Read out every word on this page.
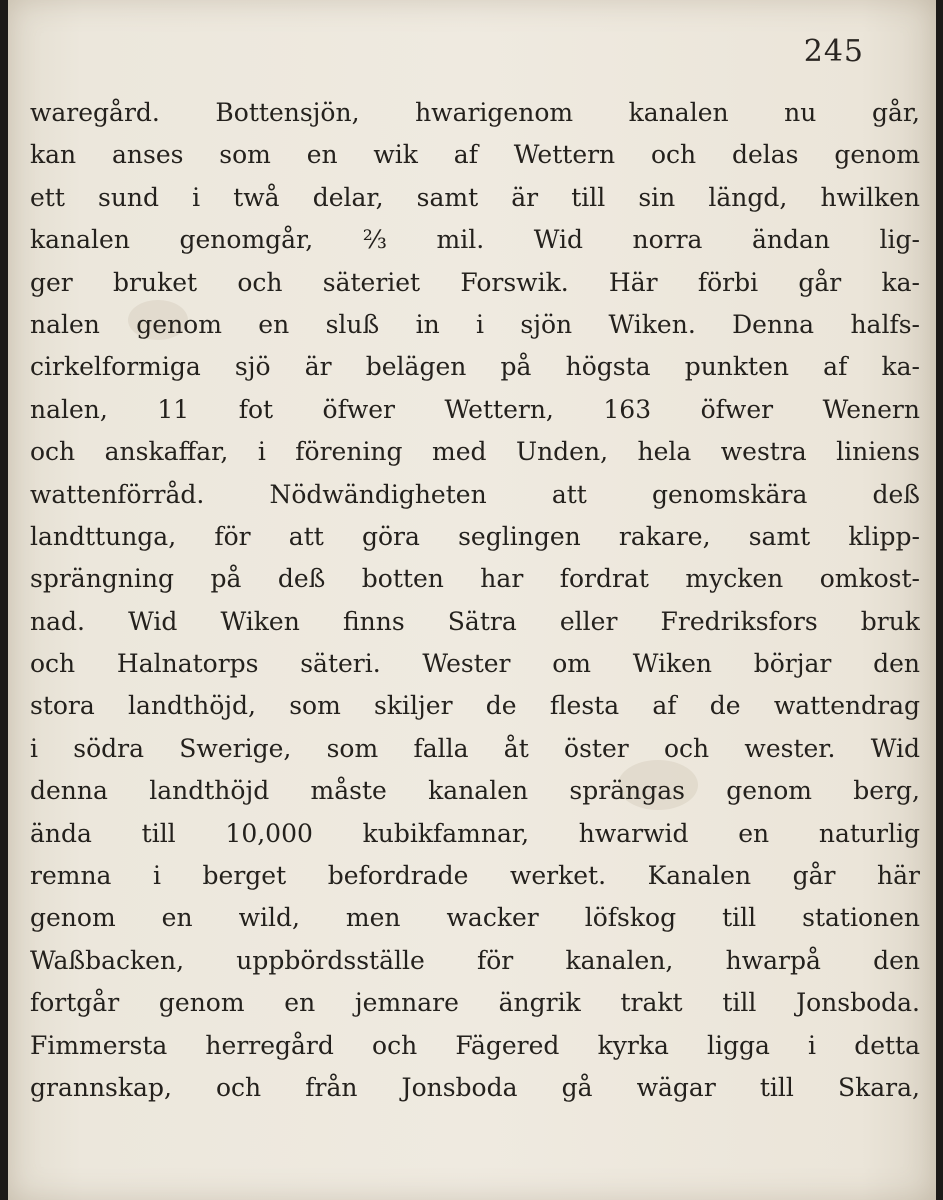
245
waregård. Bottensjön, hwarigenom kanalen nu går,
kan anses som en wik af Wettern och delas genom
ett sund i twå delar, samt är till sin längd, hwilken
kanalen genomgår, ⅔ mil. Wid norra ändan lig-
ger bruket och säteriet Forswik. Här förbi går ka-
nalen genom en sluß in i sjön Wiken. Denna halfs-
cirkelformiga sjö är belägen på högsta punkten af ka-
nalen, 11 fot öfwer Wettern, 163 öfwer Wenern
och anskaffar, i förening med Unden, hela westra liniens
wattenförråd. Nödwändigheten att genomskära deß
landttunga, för att göra seglingen rakare, samt klipp-
sprängning på deß botten har fordrat mycken omkost-
nad. Wid Wiken finns Sätra eller Fredriksfors bruk
och Halnatorps säteri. Wester om Wiken börjar den
stora landthöjd, som skiljer de flesta af de wattendrag
i södra Swerige, som falla åt öster och wester. Wid
denna landthöjd måste kanalen sprängas genom berg,
ända till 10,000 kubikfamnar, hwarwid en naturlig
remna i berget befordrade werket. Kanalen går här
genom en wild, men wacker löfskog till stationen
Waßbacken, uppbördsställe för kanalen, hwarpå den
fortgår genom en jemnare ängrik trakt till Jonsboda.
Fimmersta herregård och Fägered kyrka ligga i detta
grannskap, och från Jonsboda gå wägar till Skara,
